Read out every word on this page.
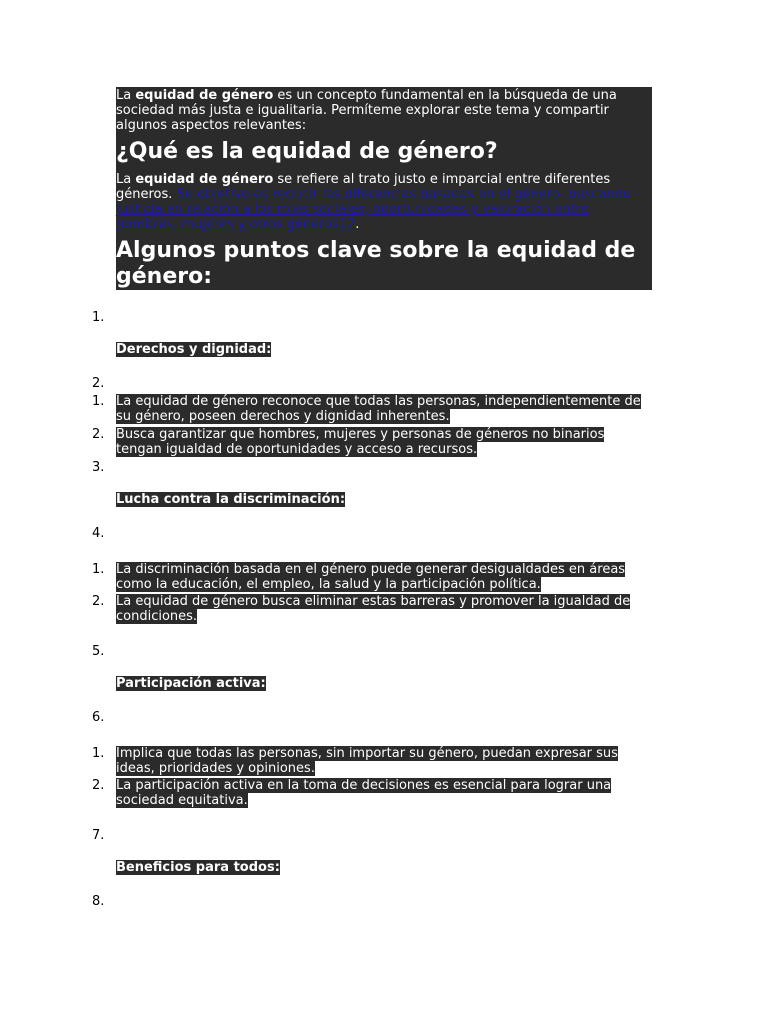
La equidad de género es un concepto fundamental en la búsqueda de una sociedad más justa e igualitaria. Permíteme explorar este tema y compartir algunos aspectos relevantes:
¿Qué es la equidad de género?
La equidad de género se refiere al trato justo e imparcial entre diferentes géneros. Su objetivo es reducir las diferencias basadas en el género, buscando justicia en relación a los roles sociales, oportunidades y valoración entre hombres, mujeres y otros géneros12.
Algunos puntos clave sobre la equidad de género:
1.
Derechos y dignidad:
2.
1. La equidad de género reconoce que todas las personas, independientemente de su género, poseen derechos y dignidad inherentes.
2. Busca garantizar que hombres, mujeres y personas de géneros no binarios tengan igualdad de oportunidades y acceso a recursos.
3.
Lucha contra la discriminación:
4.
1. La discriminación basada en el género puede generar desigualdades en áreas como la educación, el empleo, la salud y la participación política.
2. La equidad de género busca eliminar estas barreras y promover la igualdad de condiciones.
5.
Participación activa:
6.
1. Implica que todas las personas, sin importar su género, puedan expresar sus ideas, prioridades y opiniones.
2. La participación activa en la toma de decisiones es esencial para lograr una sociedad equitativa.
7.
Beneficios para todos:
8.
